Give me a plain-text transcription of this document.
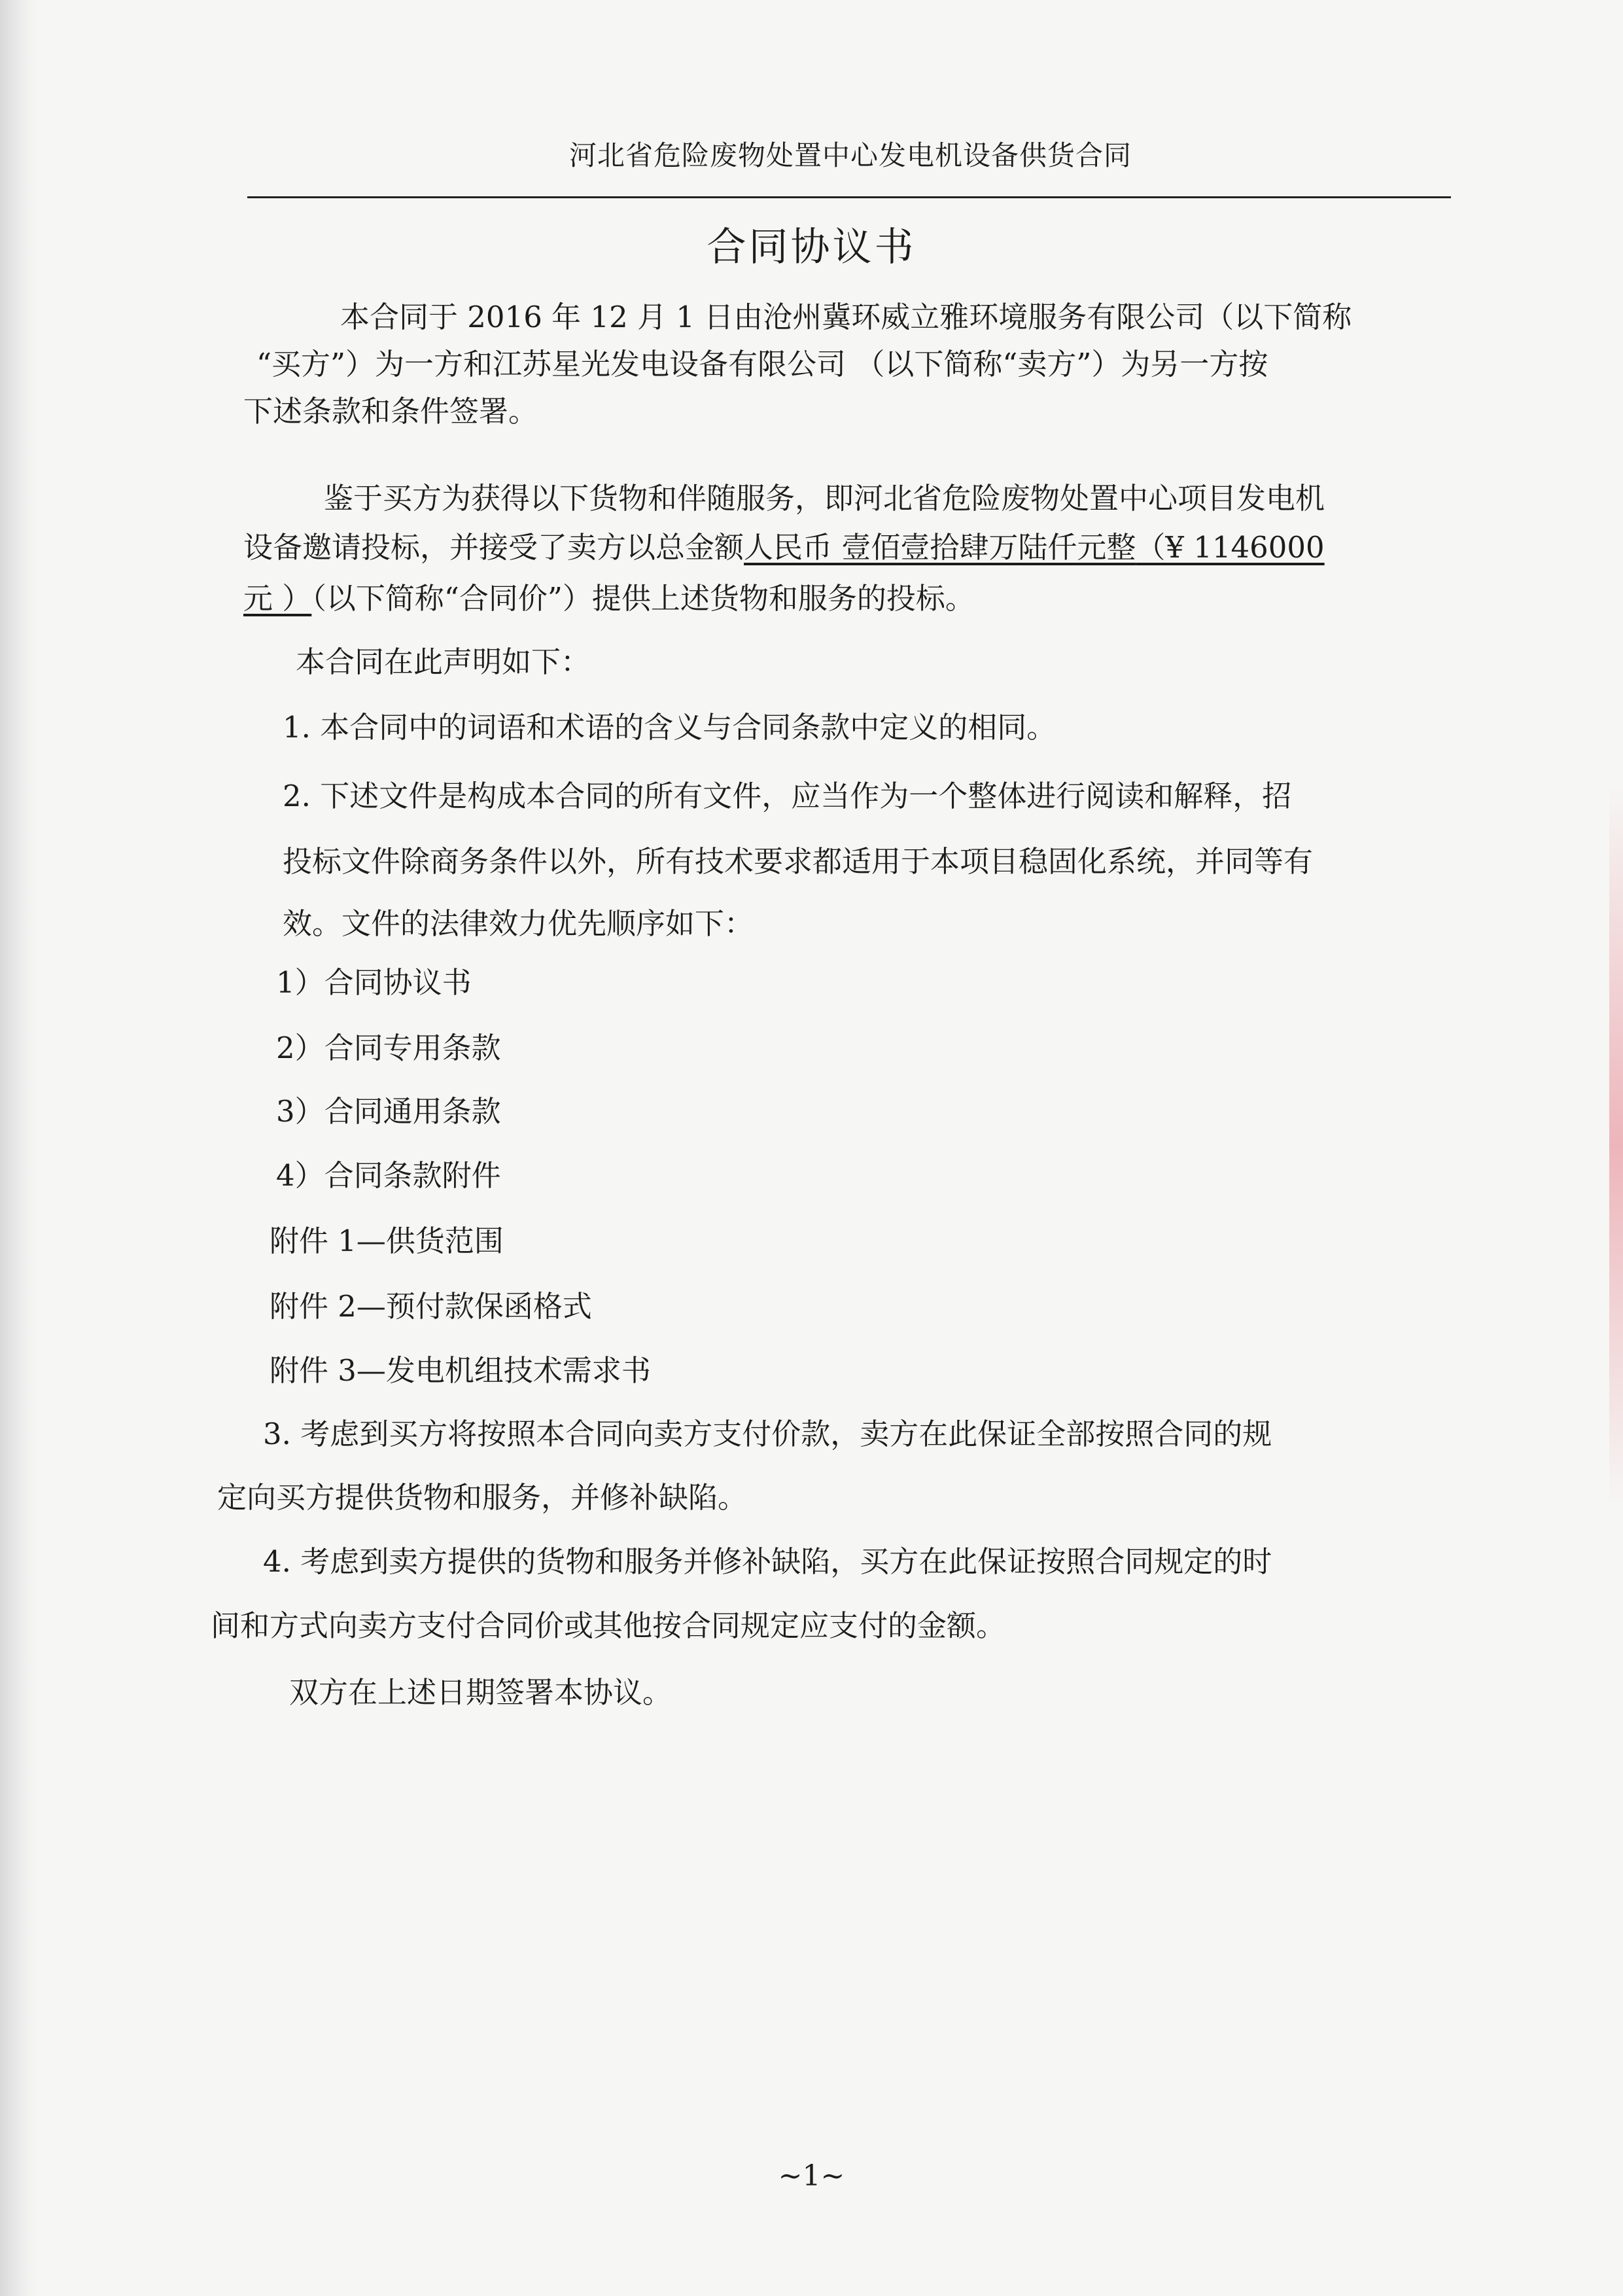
河北省危险废物处置中心发电机设备供货合同
合同协议书
本合同于 2016 年 12 月 1 日由沧州冀环威立雅环境服务有限公司（以下简称
“买方”）为一方和江苏星光发电设备有限公司 （以下简称“卖方”）为另一方按
下述条款和条件签署。
鉴于买方为获得以下货物和伴随服务，即河北省危险废物处置中心项目发电机
设备邀请投标，并接受了卖方以总金额人民币 壹佰壹拾肆万陆仟元整（¥ 1146000
元 ）（以下简称“合同价”）提供上述货物和服务的投标。
本合同在此声明如下：
1. 本合同中的词语和术语的含义与合同条款中定义的相同。
2. 下述文件是构成本合同的所有文件，应当作为一个整体进行阅读和解释，招
投标文件除商务条件以外，所有技术要求都适用于本项目稳固化系统，并同等有
效。文件的法律效力优先顺序如下：
1）合同协议书
2）合同专用条款
3）合同通用条款
4）合同条款附件
附件 1—供货范围
附件 2—预付款保函格式
附件 3—发电机组技术需求书
3. 考虑到买方将按照本合同向卖方支付价款，卖方在此保证全部按照合同的规
定向买方提供货物和服务，并修补缺陷。
4. 考虑到卖方提供的货物和服务并修补缺陷，买方在此保证按照合同规定的时
间和方式向卖方支付合同价或其他按合同规定应支付的金额。
双方在上述日期签署本协议。
~1~
